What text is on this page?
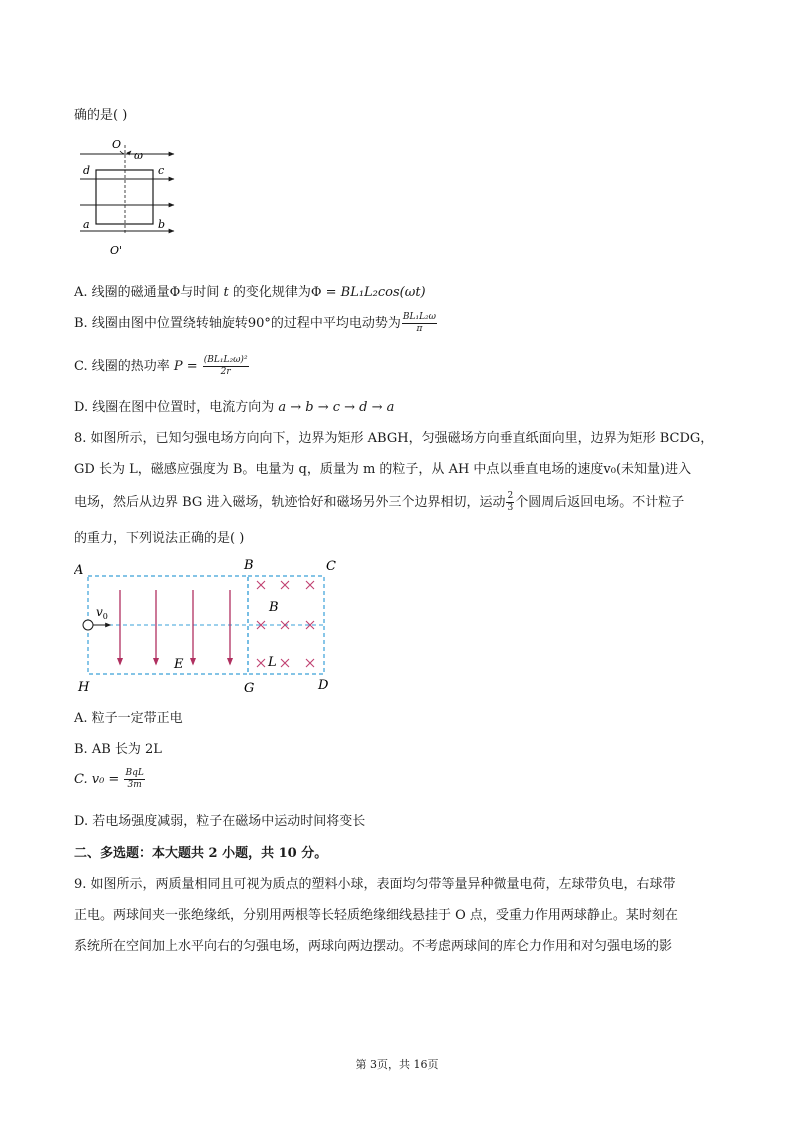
确的是( )
O
ω
d	c
a	b
O'
A. 线圈的磁通量Φ与时间 t 的变化规律为Φ = BL₁L₂cos(ωt)
B. 线圈由图中位置绕转轴旋转90°的过程中平均电动势为 $\frac{\text{BL₁L₂ω}}{\pi}$
C. 线圈的热功率 $P = \frac{\text{(BL₁L₂ω)²}}{2r}$
D. 线圈在图中位置时，电流方向为 a → b → c → d → a
8. 如图所示，已知匀强电场方向向下，边界为矩形 ABGH，匀强磁场方向垂直纸面向里，边界为矩形 BCDG，
GD 长为 L，磁感应强度为 B。电量为 q，质量为 m 的粒子，从 AH 中点以垂直电场的速度v₀(未知量)进入
电场，然后从边界 BG 进入磁场，轨迹恰好和磁场另外三个边界相切，运动 $\frac{2}{3}$ 个圆周后返回电场。不计粒子
的重力，下列说法正确的是( )
A	B	C
H	G	D
E
B
L
$v_0$
A. 粒子一定带正电
B. AB 长为 2L
C. $v_0 = \frac{\text{BqL}}{3m}$
D. 若电场强度减弱，粒子在磁场中运动时间将变长
二、多选题：本大题共 2 小题，共 10 分。
9. 如图所示，两质量相同且可视为质点的塑料小球，表面均匀带等量异种微量电荷，左球带负电，右球带
正电。两球间夹一张绝缘纸，分别用两根等长轻质绝缘细线悬挂于 O 点，受重力作用两球静止。某时刻在
系统所在空间加上水平向右的匀强电场，两球向两边摆动。不考虑两球间的库仑力作用和对匀强电场的影
第 3页，共 16页
